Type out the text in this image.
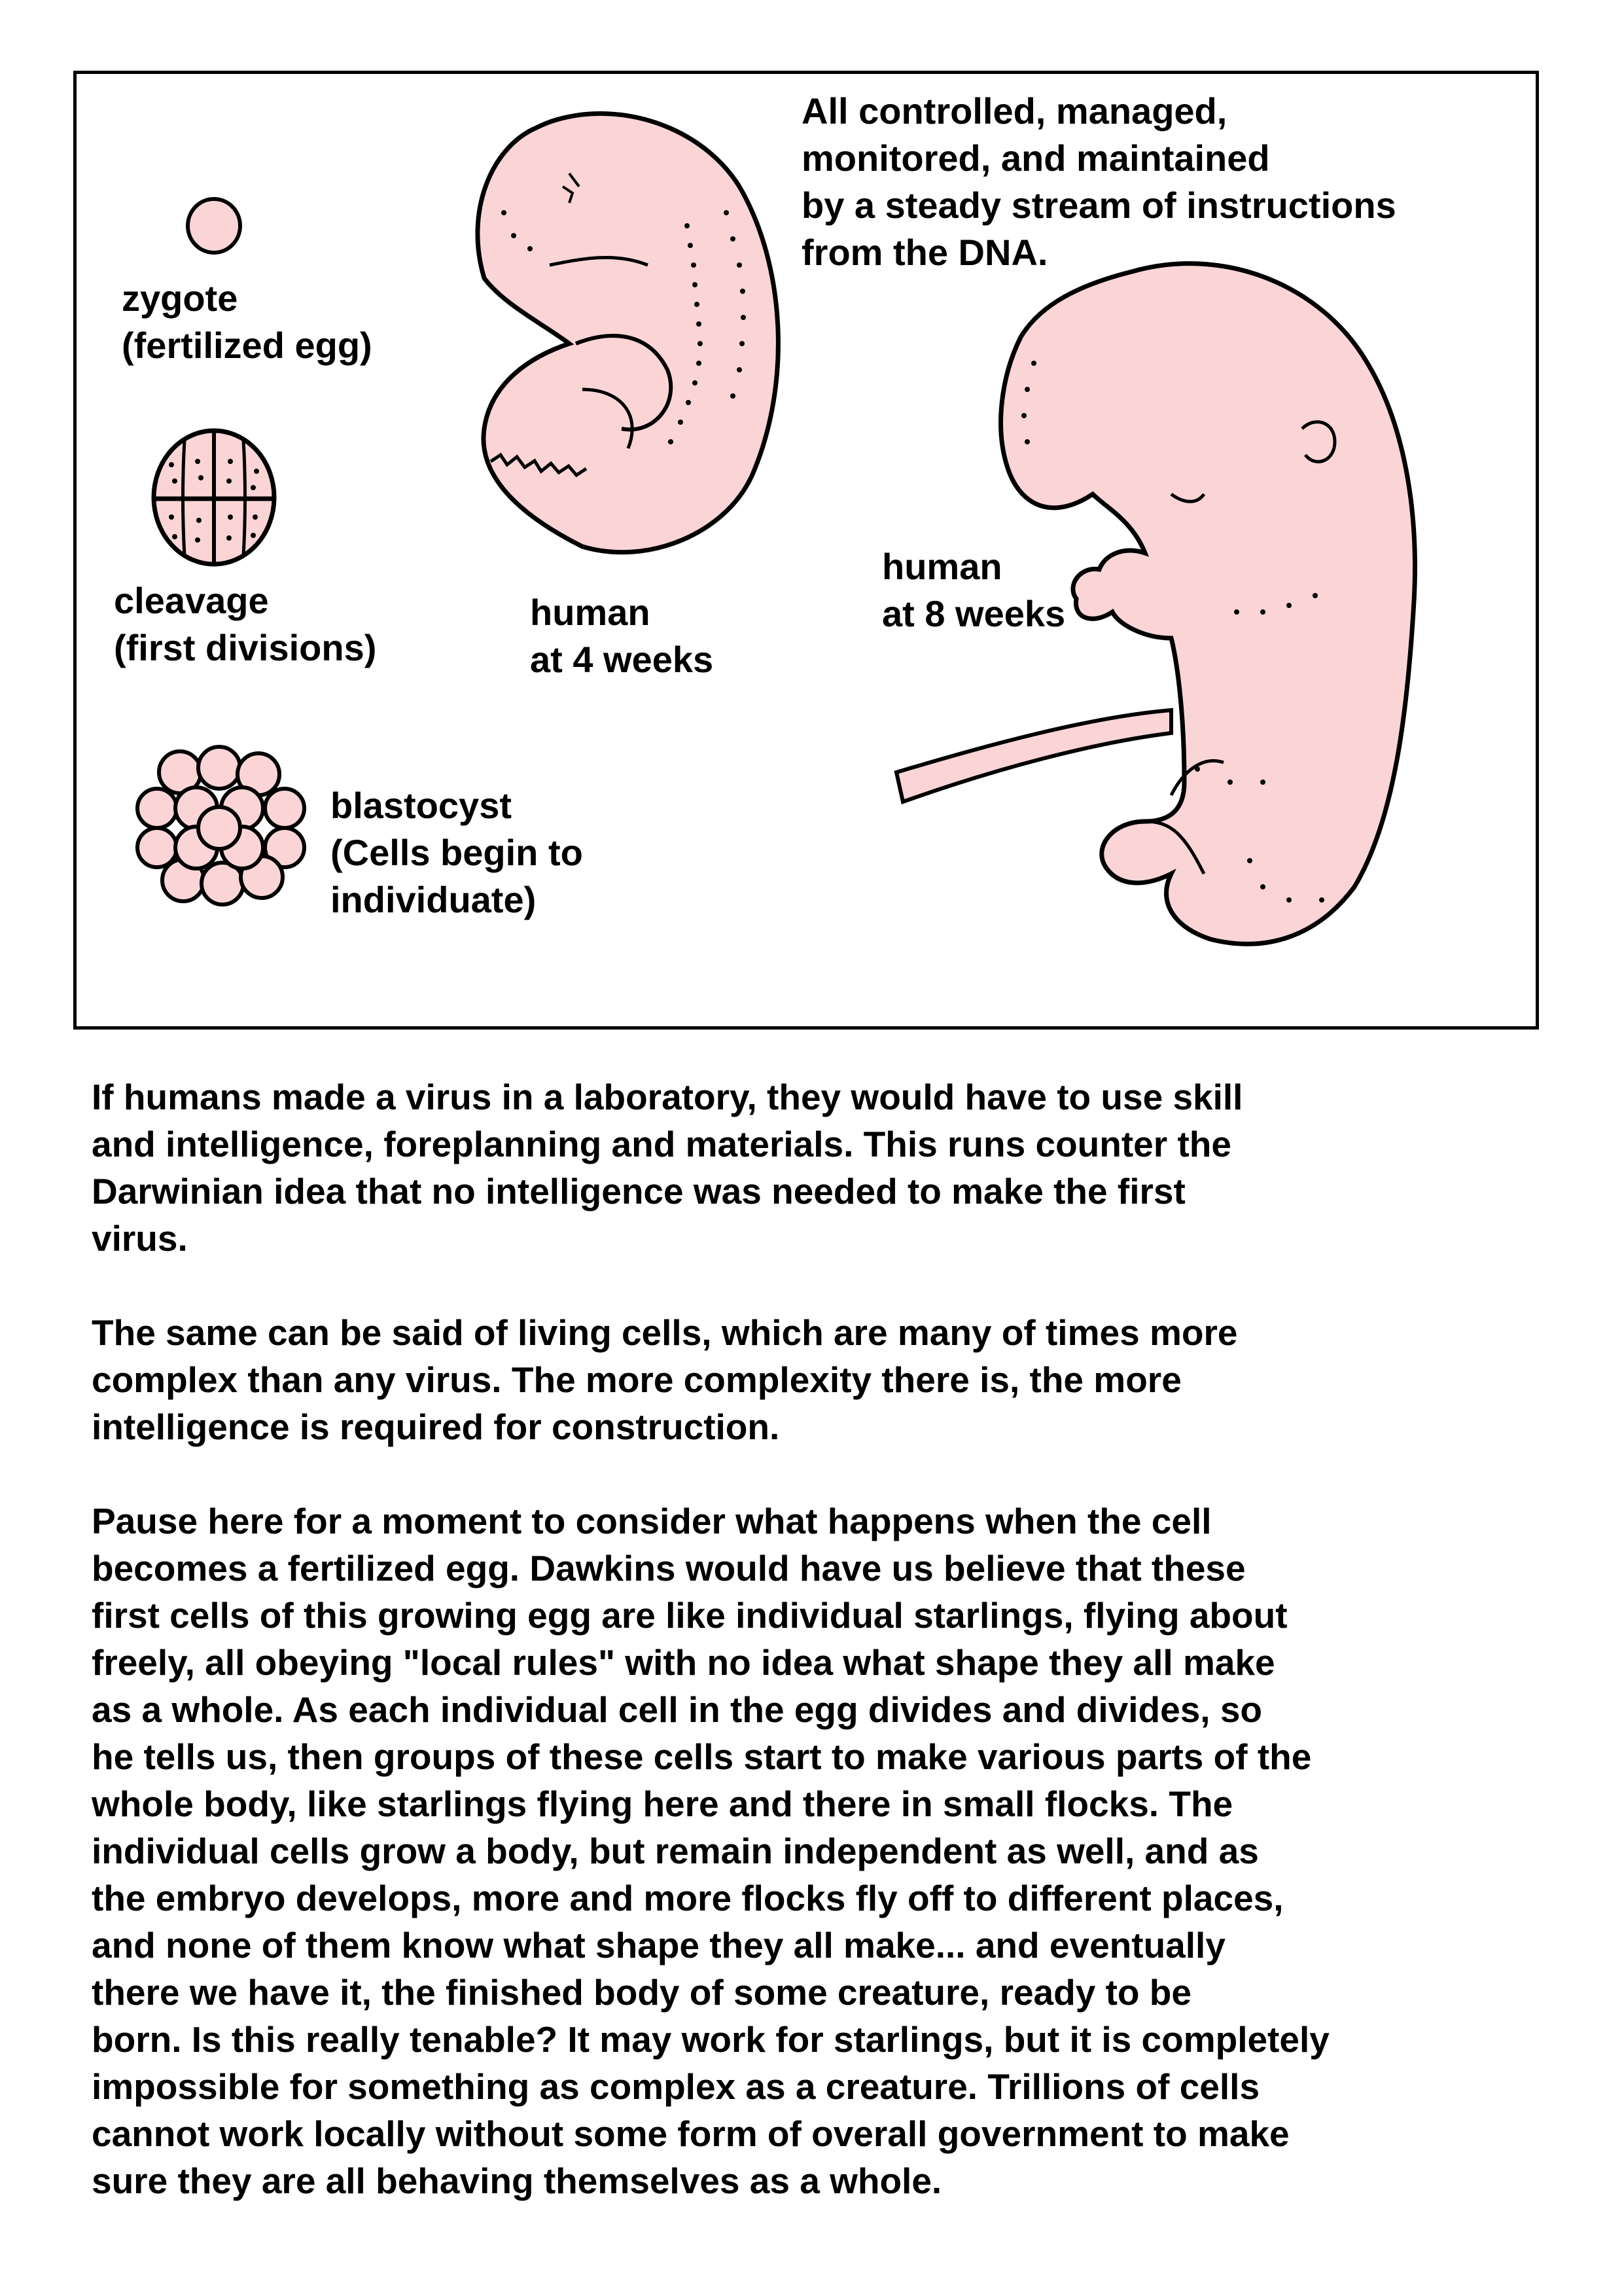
zygote
(fertilized egg)
cleavage
(first divisions)
blastocyst
(Cells begin to
individuate)
human
at 4 weeks
All controlled, managed,
monitored, and maintained
by a steady stream of instructions
from the DNA.
human
at 8 weeks

If humans made a virus in a laboratory, they would have to use skill
and intelligence, foreplanning and materials. This runs counter the
Darwinian idea that no intelligence was needed to make the first
virus.

The same can be said of living cells, which are many of times more
complex than any virus. The more complexity there is, the more
intelligence is required for construction.

Pause here for a moment to consider what happens when the cell
becomes a fertilized egg. Dawkins would have us believe that these
first cells of this growing egg are like individual starlings, flying about
freely, all obeying "local rules" with no idea what shape they all make
as a whole. As each individual cell in the egg divides and divides, so
he tells us, then groups of these cells start to make various parts of the
whole body, like starlings flying here and there in small flocks. The
individual cells grow a body, but remain independent as well, and as
the embryo develops, more and more flocks fly off to different places,
and none of them know what shape they all make... and eventually
there we have it, the finished body of some creature, ready to be
born. Is this really tenable? It may work for starlings, but it is completely
impossible for something as complex as a creature. Trillions of cells
cannot work locally without some form of overall government to make
sure they are all behaving themselves as a whole.
